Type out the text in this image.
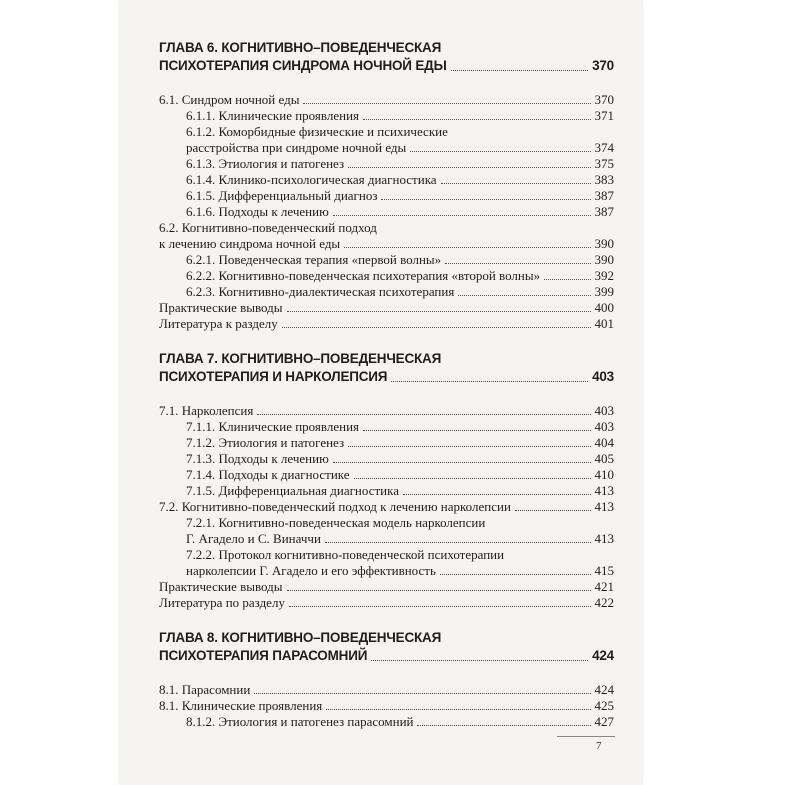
ГЛАВА 6. КОГНИТИВНО–ПОВЕДЕНЧЕСКАЯ
ПСИХОТЕРАПИЯ СИНДРОМА НОЧНОЙ ЕДЫ	370
6.1. Синдром ночной еды	370
6.1.1. Клинические проявления	371
6.1.2. Коморбидные физические и психические
расстройства при синдроме ночной еды	374
6.1.3. Этиология и патогенез	375
6.1.4. Клинико-психологическая диагностика	383
6.1.5. Дифференциальный диагноз	387
6.1.6. Подходы к лечению	387
6.2. Когнитивно-поведенческий подход
к лечению синдрома ночной еды	390
6.2.1. Поведенческая терапия «первой волны»	390
6.2.2. Когнитивно-поведенческая психотерапия «второй волны»	392
6.2.3. Когнитивно-диалектическая психотерапия	399
Практические выводы	400
Литература к разделу	401
ГЛАВА 7. КОГНИТИВНО–ПОВЕДЕНЧЕСКАЯ
ПСИХОТЕРАПИЯ И НАРКОЛЕПСИЯ	403
7.1. Нарколепсия	403
7.1.1. Клинические проявления	403
7.1.2. Этиология и патогенез	404
7.1.3. Подходы к лечению	405
7.1.4. Подходы к диагностике	410
7.1.5. Дифференциальная диагностика	413
7.2. Когнитивно-поведенческий подход к лечению нарколепсии	413
7.2.1. Когнитивно-поведенческая модель нарколепсии
Г. Агадело и С. Виначчи	413
7.2.2. Протокол когнитивно-поведенческой психотерапии
нарколепсии Г. Агадело и его эффективность	415
Практические выводы	421
Литература по разделу	422
ГЛАВА 8. КОГНИТИВНО–ПОВЕДЕНЧЕСКАЯ
ПСИХОТЕРАПИЯ ПАРАСОМНИЙ	424
8.1. Парасомнии	424
8.1. Клинические проявления	425
8.1.2. Этиология и патогенез парасомний	427
7
